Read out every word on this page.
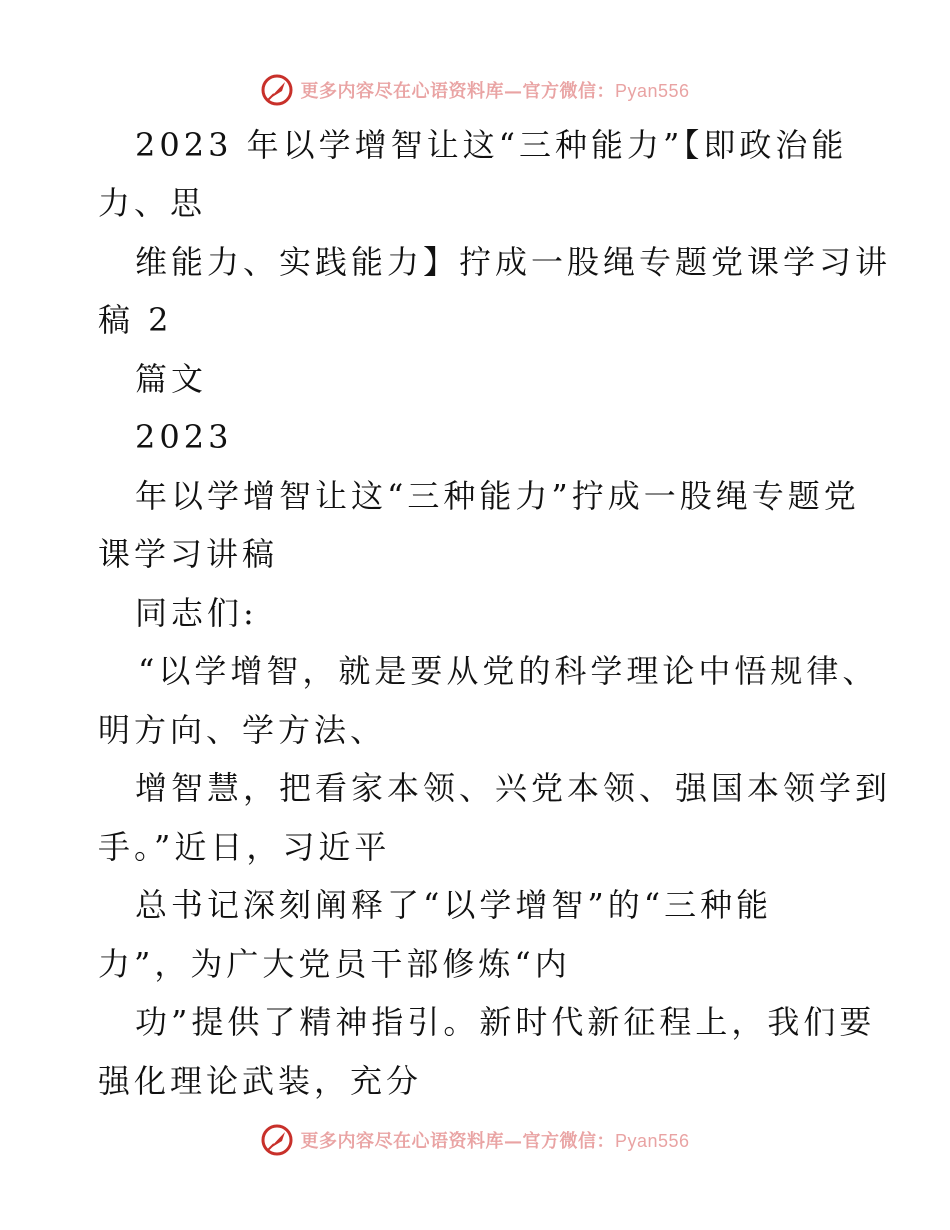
更多内容尽在心语资料库—官方微信：Pyan556
2023 年以学增智让这“三种能力”【即政治能
力、思
维能力、实践能力】拧成一股绳专题党课学习讲
稿 2
篇文
2023
年以学增智让这“三种能力”拧成一股绳专题党
课学习讲稿
同志们:
“以学增智，就是要从党的科学理论中悟规律、
明方向、学方法、
增智慧，把看家本领、兴党本领、强国本领学到
手。”近日，习近平
总书记深刻阐释了“以学增智”的“三种能
力”，为广大党员干部修炼“内
功”提供了精神指引。新时代新征程上，我们要
强化理论武装，充分
更多内容尽在心语资料库—官方微信：Pyan556
